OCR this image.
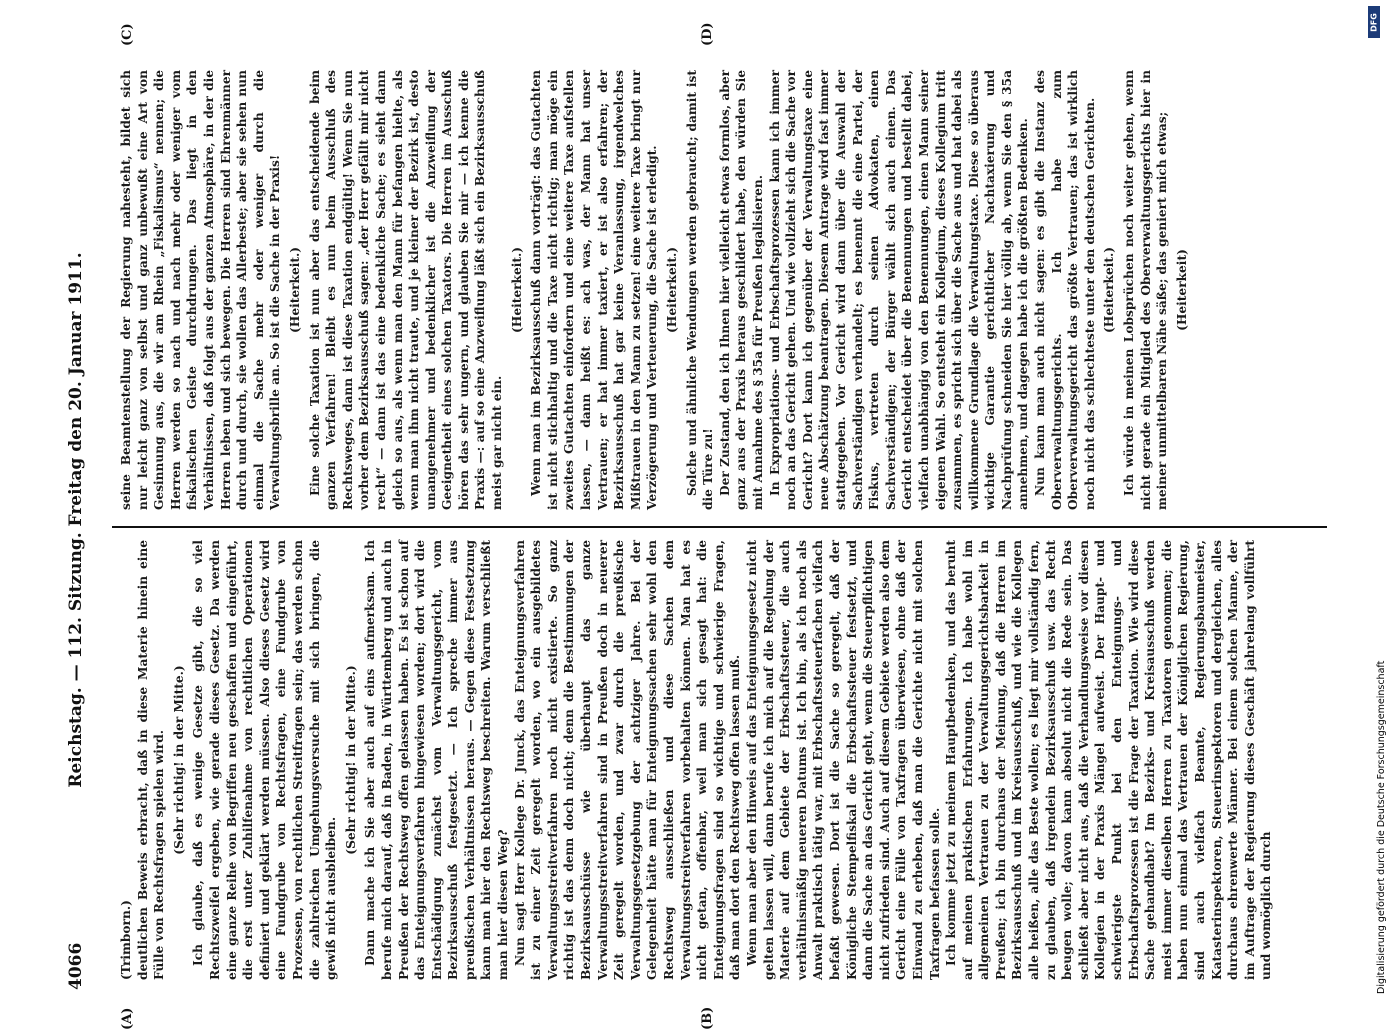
4066
Reichstag. — 112. Sitzung. Freitag den 20. Januar 1911.

(Trimborn.) deutlichen Beweis erbracht, daß in diese Materie hinein eine Fülle von Rechtsfragen spielen wird. (Sehr richtig! in der Mitte.) Ich glaube, daß es wenige Gesetze gibt, die so viel Rechtszweifel ergeben, wie gerade dieses Gesetz. Da werden eine ganze Reihe von Begriffen neu geschaffen und eingeführt, die erst unter Zuhilfenahme von rechtlichen Operationen definiert und geklärt werden müssen. Also dieses Gesetz wird eine Fundgrube von Rechtsfragen, eine Fundgrube von Prozessen, von rechtlichen Streitfragen sein; das werden schon die zahlreichen Umgehungsversuche mit sich bringen, die gewiß nicht ausbleiben.

(Sehr richtig! in der Mitte.) Dann mache ich Sie aber auch auf eins aufmerksam. Ich berufe mich darauf, daß in Baden, in Württemberg und auch in Preußen der Rechtsweg offen gelassen haben. Es ist schon auf das Enteignungsverfahren hingewiesen worden; dort wird die Entschädigung zunächst vom Verwaltungsgericht, vom Bezirksausschuß festgesetzt. — Ich spreche immer aus preußischen Verhältnissen heraus. — Gegen diese Festsetzung kann man hier den Rechtsweg beschreiten. Warum verschließt man hier diesen Weg? Nun sagt Herr Kollege Dr. Junck, das Enteignungsverfahren ist zu einer Zeit geregelt worden, wo ein ausgebildetes Verwaltungsstreitverfahren noch nicht existierte. So ganz richtig ist das denn doch nicht; denn die Bestimmungen der Bezirksausschüsse wie überhaupt das ganze Verwaltungsstreitverfahren sind in Preußen doch in neuerer Zeit geregelt worden, und zwar durch die preußische Verwaltungsgesetzgebung der achtziger Jahre. Bei der Gelegenheit hätte man für Enteignungssachen sehr wohl den Rechtsweg ausschließen und diese Sachen dem Verwaltungsstreitverfahren vorbehalten können. Man hat es nicht getan, offenbar, weil man sich gesagt hat: die Enteignungsfragen sind so wichtige und schwierige Fragen, daß man dort den Rechtsweg offen lassen muß. Wenn man aber den Hinweis auf das Enteignungsgesetz nicht gelten lassen will, dann berufe ich mich auf die Regelung der Materie auf dem Gebiete der Erbschaftssteuer, die auch verhältnismäßig neueren Datums ist. Ich bin, als ich noch als Anwalt praktisch tätig war, mit Erbschaftssteuerfachen vielfach befaßt gewesen. Dort ist die Sache so geregelt, daß der Königliche Stempelfiskal die Erbschaftssteuer festsetzt, und dann die Sache an das Gericht geht, wenn die Steuerpflichtigen nicht zufrieden sind. Auch auf diesem Gebiete werden also dem Gericht eine Fülle von Taxfragen überwiesen, ohne daß der Einwand zu erheben, daß man die Gerichte nicht mit solchen Taxfragen befassen solle. Ich komme jetzt zu meinem Hauptbedenken, und das beruht auf meinen praktischen Erfahrungen. Ich habe wohl im allgemeinen Vertrauen zu der Verwaltungsgerichtsbarkeit in Preußen; ich bin durchaus der Meinung, daß die Herren im Bezirksausschuß und im Kreisausschuß, und wie die Kollegen alle heißen, alle das Beste wollen; es liegt mir vollständig fern, zu glauben, daß irgendein Bezirksausschuß usw. das Recht beugen wolle; davon kann absolut nicht die Rede sein. Das schließt aber nicht aus, daß die Verhandlungsweise vor diesen Kollegien in der Praxis Mängel aufweist. Der Haupt- und schwierigste Punkt bei den Enteignungs- und Erbschaftsprozessen ist die Frage der Taxation. Wie wird diese Sache gehandhabt? Im Bezirks- und Kreisausschuß werden meist immer dieselben Herren zu Taxatoren genommen; die haben nun einmal das Vertrauen der Königlichen Regierung, sind auch vielfach Beamte, Regierungsbaumeister, Katasterinspektoren, Steuerinspektoren und dergleichen, alles durchaus ehrenwerte Männer. Bei einem solchen Manne, der im Auftrage der Regierung dieses Geschäft jahrelang vollführt und womöglich durch

seine Beamtenstellung der Regierung nahesteht, bildet sich nur leicht ganz von selbst und ganz unbewußt eine Art von Gesinnung aus, die wir am Rhein „Fiskalismus“ nennen; die Herren werden so nach und nach mehr oder weniger vom fiskalischen Geiste durchdrungen. Das liegt in den Verhältnissen, daß folgt aus der ganzen Atmosphäre, in der die Herren leben und sich bewegen. Die Herren sind Ehrenmänner durch und durch, sie wollen das Allerbeste; aber sie sehen nun einmal die Sache mehr oder weniger durch die Verwaltungsbrille an. So ist die Sache in der Praxis! (Heiterkeit.) Eine solche Taxation ist nun aber das entscheidende beim ganzen Verfahren! Bleibt es nun beim Ausschluß des Rechtsweges, dann ist diese Taxation endgültig! Wenn Sie nun vorher dem Bezirksausschuß sagen: „der Herr gefällt mir nicht recht“ — dann ist das eine bedenkliche Sache; es sieht dann gleich so aus, als wenn man den Mann für befangen hielte, als wenn man ihm nicht traute, und je kleiner der Bezirk ist, desto unangenehmer und bedenklicher ist die Anzweiflung der Geeignetheit eines solchen Taxators. Die Herren im Ausschuß hören das sehr ungern, und glauben Sie mir — ich kenne die Praxis —: auf so eine Anzweiflung läßt sich ein Bezirksausschuß meist gar nicht ein.

(Heiterkeit.) Wenn man im Bezirksausschuß dann vorträgt: das Gutachten ist nicht stichhaltig und die Taxe nicht richtig; man möge ein zweites Gutachten einfordern und eine weitere Taxe aufstellen lassen, — dann heißt es: ach was, der Mann hat unser Vertrauen; er hat immer taxiert, er ist also erfahren; der Bezirksausschuß hat gar keine Veranlassung, irgendwelches Mißtrauen in den Mann zu setzen! eine weitere Taxe bringt nur Verzögerung und Verteuerung, die Sache ist erledigt. (Heiterkeit.) Solche und ähnliche Wendungen werden gebraucht; damit ist die Türe zu! Der Zustand, den ich Ihnen hier vielleicht etwas formlos, aber ganz aus der Praxis heraus geschildert habe, den würden Sie mit Annahme des § 35a für Preußen legalisieren. In Expropriations- und Erbschaftsprozessen kann ich immer noch an das Gericht gehen. Und wie vollzieht sich die Sache vor Gericht? Dort kann ich gegenüber der Verwaltungstaxe eine neue Abschätzung beantragen. Diesem Antrage wird fast immer stattgegeben. Vor Gericht wird dann über die Auswahl der Sachverständigen verhandelt; es benennt die eine Partei, der Fiskus, vertreten durch seinen Advokaten, einen Sachverständigen; der Bürger wählt sich auch einen. Das Gericht entscheidet über die Benennungen und bestellt dabei, vielfach unabhängig von den Benennungen, einen Mann seiner eigenen Wahl. So entsteht ein Kollegium, dieses Kollegium tritt zusammen, es spricht sich über die Sache aus und hat dabei als willkommene Grundlage die Verwaltungstaxe. Diese so überaus wichtige Garantie gerichtlicher Nachtaxierung und Nachprüfung schneiden Sie hier völlig ab, wenn Sie den § 35a annehmen, und dagegen habe ich die größten Bedenken. Nun kann man auch nicht sagen: es gibt die Instanz des Oberverwaltungsgerichts. Ich habe zum Oberverwaltungsgericht das größte Vertrauen; das ist wirklich noch nicht das schlechteste unter den deutschen Gerichten. (Heiterkeit.) Ich würde in meinen Lobsprüchen noch weiter gehen, wenn nicht gerade ein Mitglied des Oberverwaltungsgerichts hier in meiner unmittelbaren Nähe säße; das geniert mich etwas; (Heiterkeit)

(A)	(B)
(C)	(D)	DFG
Digitalisierung gefördert durch die Deutsche Forschungsgemeinschaft
